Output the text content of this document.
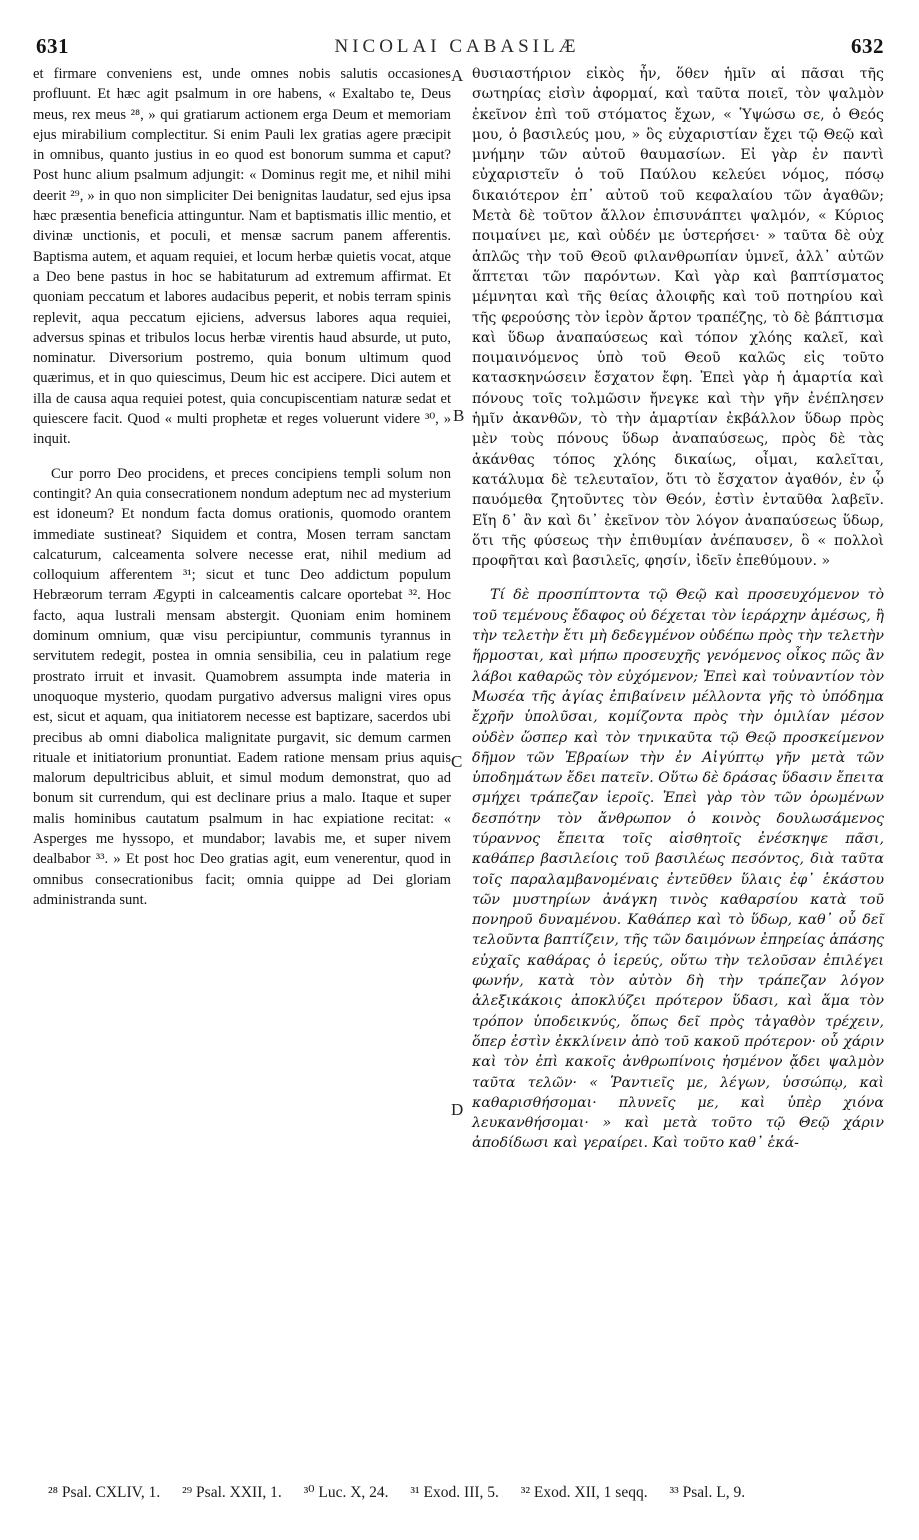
631	NICOLAI CABASILÆ	632

et firmare conveniens est, unde omnes nobis salutis occasiones profluunt. Et hæc agit psalmum in ore habens, « Exaltabo te, Deus meus, rex meus ²⁸, » qui gratiarum actionem erga Deum et memoriam ejus mirabilium complectitur. Si enim Pauli lex gratias agere præcipit in omnibus, quanto justius in eo quod est bonorum summa et caput? Post hunc alium psalmum adjungit: « Dominus regit me, et nihil mihi deerit ²⁹, » in quo non simpliciter Dei benignitas laudatur, sed ejus ipsa hæc præsentia beneficia attinguntur. Nam et baptismatis illic mentio, et divinæ unctionis, et poculi, et mensæ sacrum panem afferentis. Baptisma autem, et aquam requiei, et locum herbæ quietis vocat, atque a Deo bene pastus in hoc se habitaturum ad extremum affirmat. Et quoniam peccatum et labores audacibus peperit, et nobis terram spinis replevit, aqua peccatum ejiciens, adversus labores aqua requiei, adversus spinas et tribulos locus herbæ virentis haud absurde, ut puto, nominatur. Diversorium postremo, quia bonum ultimum quod quærimus, et in quo quiescimus, Deum hic est accipere. Dici autem et illa de causa aqua requiei potest, quia concupiscentiam naturæ sedat et quiescere facit. Quod « multi prophetæ et reges voluerunt videre ³⁰, » inquit.

Cur porro Deo procidens, et preces concipiens templi solum non contingit? An quia consecrationem nondum adeptum nec ad mysterium est idoneum? Et nondum facta domus orationis, quomodo orantem immediate sustineat? Siquidem et contra, Mosen terram sanctam calcaturum, calceamenta solvere necesse erat, nihil medium ad colloquium afferentem ³¹; sicut et tunc Deo addictum populum Hebræorum terram Ægypti in calceamentis calcare oportebat ³². Hoc facto, aqua lustrali mensam abstergit. Quoniam enim hominem dominum omnium, quæ visu percipiuntur, communis tyrannus in servitutem redegit, postea in omnia sensibilia, ceu in palatium rege prostrato irruit et invasit. Quamobrem assumpta inde materia in unoquoque mysterio, quodam purgativo adversus maligni vires opus est, sicut et aquam, qua initiatorem necesse est baptizare, sacerdos ubi precibus ab omni diabolica malignitate purgavit, sic demum carmen rituale et initiatorium pronuntiat. Eadem ratione mensam prius aquis malorum depultricibus abluit, et simul modum demonstrat, quo ad bonum sit currendum, qui est declinare prius a malo. Itaque et super malis hominibus cautatum psalmum in hac expiatione recitat: « Asperges me hyssopo, et mundabor; lavabis me, et super nivem dealbabor ³³. » Et post hoc Deo gratias agit, eum venerentur, quod in omnibus consecrationibus facit; omnia quippe ad Dei gloriam administranda sunt.

A
B
C
D

θυσιαστήριον εἰκὸς ἦν, ὅθεν ἡμῖν αἱ πᾶσαι τῆς σωτηρίας εἰσὶν ἀφορμαί, καὶ ταῦτα ποιεῖ, τὸν ψαλμὸν ἐκεῖνον ἐπὶ τοῦ στόματος ἔχων, « Ὑψώσω σε, ὁ Θεός μου, ὁ βασιλεύς μου, » ὃς εὐχαριστίαν ἔχει τῷ Θεῷ καὶ μνήμην τῶν αὐτοῦ θαυμασίων. Εἰ γὰρ ἐν παντὶ εὐχαριστεῖν ὁ τοῦ Παύλου κελεύει νόμος, πόσῳ δικαιότερον ἐπ᾽ αὐτοῦ τοῦ κεφαλαίου τῶν ἀγαθῶν; Μετὰ δὲ τοῦτον ἄλλον ἐπισυνάπτει ψαλμόν, « Κύριος ποιμαίνει με, καὶ οὐδέν με ὑστερήσει· » ταῦτα δὲ οὐχ ἁπλῶς τὴν τοῦ Θεοῦ φιλανθρωπίαν ὑμνεῖ, ἀλλ᾽ αὐτῶν ἅπτεται τῶν παρόντων. Καὶ γὰρ καὶ βαπτίσματος μέμνηται καὶ τῆς θείας ἀλοιφῆς καὶ τοῦ ποτηρίου καὶ τῆς φερούσης τὸν ἱερὸν ἄρτον τραπέζης, τὸ δὲ βάπτισμα καὶ ὕδωρ ἀναπαύσεως καὶ τόπον χλόης καλεῖ, καὶ ποιμαινόμενος ὑπὸ τοῦ Θεοῦ καλῶς εἰς τοῦτο κατασκηνώσειν ἔσχατον ἔφη. Ἐπεὶ γὰρ ἡ ἁμαρτία καὶ πόνους τοῖς τολμῶσιν ἤνεγκε καὶ τὴν γῆν ἐνέπλησεν ἡμῖν ἀκανθῶν, τὸ τὴν ἁμαρτίαν ἐκβάλλον ὕδωρ πρὸς μὲν τοὺς πόνους ὕδωρ ἀναπαύσεως, πρὸς δὲ τὰς ἀκάνθας τόπος χλόης δικαίως, οἶμαι, καλεῖται, κατάλυμα δὲ τελευταῖον, ὅτι τὸ ἔσχατον ἀγαθόν, ἐν ᾧ παυόμεθα ζητοῦντες τὸν Θεόν, ἐστὶν ἐνταῦθα λαβεῖν. Εἴη δ᾽ ἂν καὶ δι᾽ ἐκεῖνον τὸν λόγον ἀναπαύσεως ὕδωρ, ὅτι τῆς φύσεως τὴν ἐπιθυμίαν ἀνέπαυσεν, ὃ « πολλοὶ προφῆται καὶ βασιλεῖς, φησίν, ἰδεῖν ἐπεθύμουν. »

Τί δὲ προσπίπτοντα τῷ Θεῷ καὶ προσευχόμενον τὸ τοῦ τεμένους ἔδαφος οὐ δέχεται τὸν ἱεράρχην ἀμέσως, ἢ τὴν τελετὴν ἔτι μὴ δεδεγμένον οὐδέπω πρὸς τὴν τελετὴν ἥρμοσται, καὶ μήπω προσευχῆς γενόμενος οἶκος πῶς ἂν λάβοι καθαρῶς τὸν εὐχόμενον; Ἐπεὶ καὶ τοὐναντίον τὸν Μωσέα τῆς ἁγίας ἐπιβαίνειν μέλλοντα γῆς τὸ ὑπόδημα ἔχρῆν ὑπολῦσαι, κομίζοντα πρὸς τὴν ὁμιλίαν μέσον οὐδὲν ὥσπερ καὶ τὸν τηνικαῦτα τῷ Θεῷ προσκείμενον δῆμον τῶν Ἑβραίων τὴν ἐν Αἰγύπτῳ γῆν μετὰ τῶν ὑποδημάτων ἔδει πατεῖν. Οὕτω δὲ δράσας ὕδασιν ἔπειτα σμήχει τράπεζαν ἱεροῖς. Ἐπεὶ γὰρ τὸν τῶν ὁρωμένων δεσπότην τὸν ἄνθρωπον ὁ κοινὸς δουλωσάμενος τύραννος ἔπειτα τοῖς αἰσθητοῖς ἐνέσκηψε πᾶσι, καθάπερ βασιλείοις τοῦ βασιλέως πεσόντος, διὰ ταῦτα τοῖς παραλαμβανομέναις ἐντεῦθεν ὕλαις ἐφ᾽ ἑκάστου τῶν μυστηρίων ἀνάγκη τινὸς καθαρσίου κατὰ τοῦ πονηροῦ δυναμένου. Καθάπερ καὶ τὸ ὕδωρ, καθ᾽ οὗ δεῖ τελοῦντα βαπτίζειν, τῆς τῶν δαιμόνων ἐπηρείας ἁπάσης εὐχαῖς καθάρας ὁ ἱερεύς, οὕτω τὴν τελοῦσαν ἐπιλέγει φωνήν, κατὰ τὸν αὐτὸν δὴ τὴν τράπεζαν λόγον ἀλεξικάκοις ἀποκλύζει πρότερον ὕδασι, καὶ ἅμα τὸν τρόπον ὑποδεικνύς, ὅπως δεῖ πρὸς τἀγαθὸν τρέχειν, ὅπερ ἐστὶν ἐκκλίνειν ἀπὸ τοῦ κακοῦ πρότερον· οὗ χάριν καὶ τὸν ἐπὶ κακοῖς ἀνθρωπίνοις ἡσμένον ᾄδει ψαλμὸν ταῦτα τελῶν· « Ῥαντιεῖς με, λέγων, ὑσσώπῳ, καὶ καθαρισθήσομαι· πλυνεῖς με, καὶ ὑπὲρ χιόνα λευκανθήσομαι· » καὶ μετὰ τοῦτο τῷ Θεῷ χάριν ἀποδίδωσι καὶ γεραίρει. Καὶ τοῦτο καθ᾽ ἑκά-

²⁸ Psal. CXLIV, 1. ²⁹ Psal. XXII, 1. ³⁰ Luc. X, 24. ³¹ Exod. III, 5. ³² Exod. XII, 1 seqq. ³³ Psal. L, 9.
